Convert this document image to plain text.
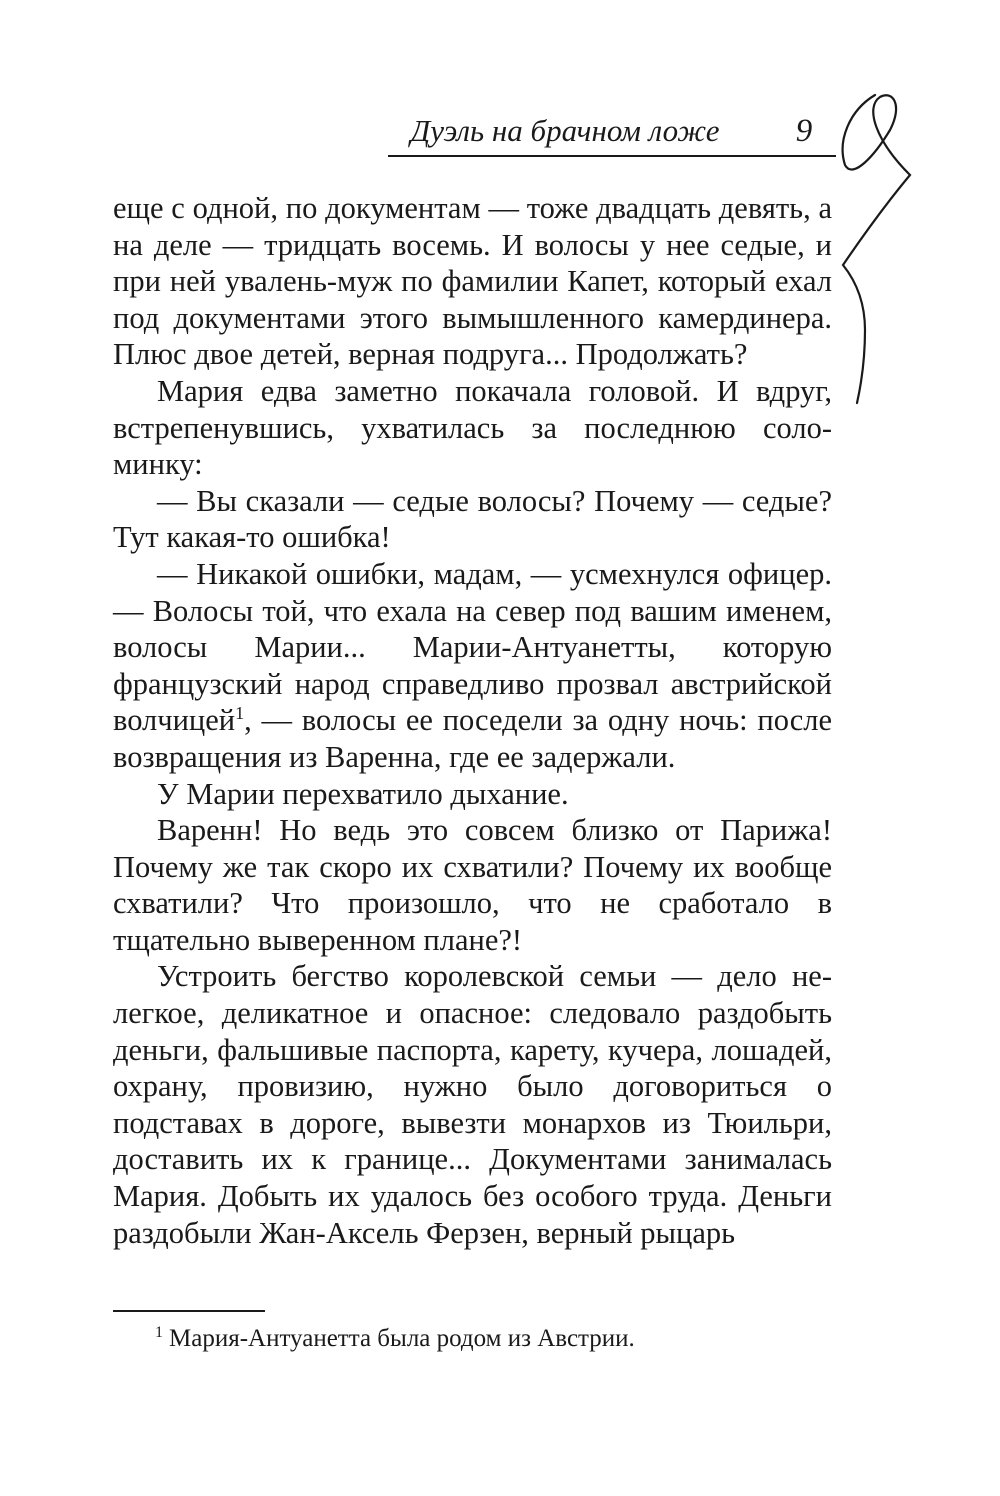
Дуэль на брачном ложе	9

еще с одной, по документам — тоже двадцать девять, а на деле — тридцать восемь. И волосы у нее седые, и при ней увалень-муж по фамилии Капет, который ехал под документами этого вымышленного камердинера. Плюс двое детей, верная подруга... Продолжать?

Мария едва заметно покачала головой. И вдруг, встрепенувшись, ухватилась за последнюю соломинку:

— Вы сказали — седые волосы? Почему — седые? Тут какая-то ошибка!

— Никакой ошибки, мадам, — усмехнулся офицер. — Волосы той, что ехала на север под вашим именем, волосы Марии... Марии-Антуанетты, которую французский народ справедливо прозвал австрийской волчицей$^1$, — волосы ее поседели за одну ночь: после возвращения из Варенна, где ее задержали.

У Марии перехватило дыхание.

Варенн! Но ведь это совсем близко от Парижа! Почему же так скоро их схватили? Почему их вообще схватили? Что произошло, что не сработало в тщательно выверенном плане?!

Устроить бегство королевской семьи — дело нелегкое, деликатное и опасное: следовало раздобыть деньги, фальшивые паспорта, карету, кучера, лошадей, охрану, провизию, нужно было договориться о подставах в дороге, вывезти монархов из Тюильри, доставить их к границе... Документами занималась Мария. Добыть их удалось без особого труда. Деньги раздобыли Жан-Аксель Ферзен, верный рыцарь

$^1$ Мария-Антуанетта была родом из Австрии.
